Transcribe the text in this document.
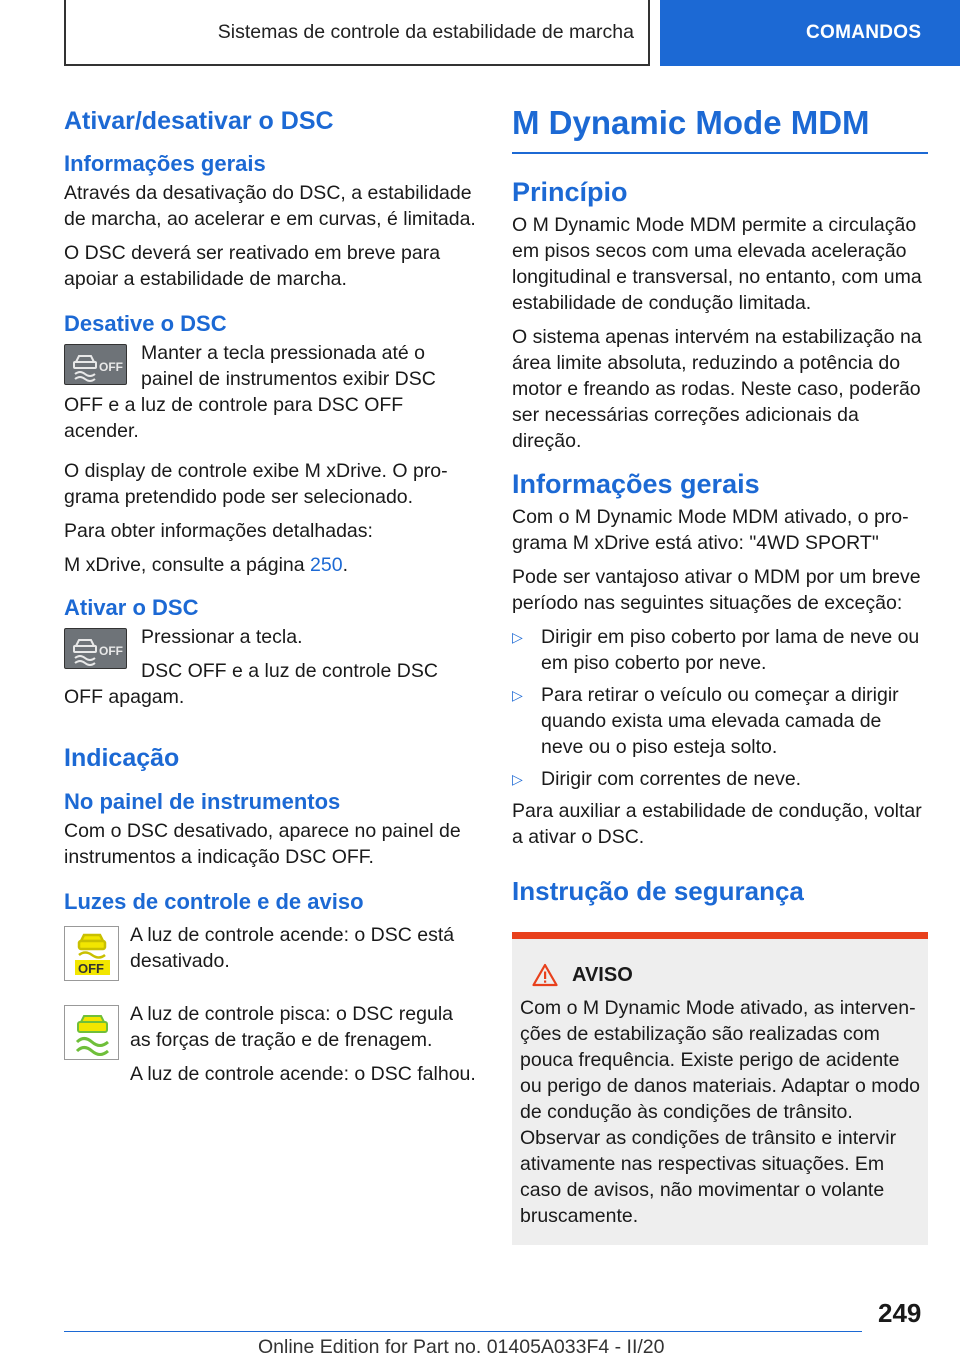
Sistemas de controle da estabilidade de marcha	COMANDOS
Ativar/desativar o DSC
Informações gerais

Através da desativação do DSC, a estabilidade de marcha, ao acelerar e em curvas, é limitada.

O DSC deverá ser reativado em breve para apoiar a estabilidade de marcha.

Desative o DSC
OFF

Manter a tecla pressionada até o painel de instrumentos exibir DSC OFF e a luz de controle para DSC OFF acender.

O display de controle exibe M xDrive. O programa pretendido pode ser selecionado.

Para obter informações detalhadas:

M xDrive, consulte a página 250.

Ativar o DSC
OFF

Pressionar a tecla.

DSC OFF e a luz de controle DSC OFF apagam.

Indicação
No painel de instrumentos

Com o DSC desativado, aparece no painel de instrumentos a indicação DSC OFF.

Luzes de controle e de aviso
OFF

A luz de controle acende: o DSC está desativado.

A luz de controle pisca: o DSC regula as forças de tração e de frenagem.

A luz de controle acende: o DSC falhou.

M Dynamic Mode MDM
Princípio

O M Dynamic Mode MDM permite a circulação em pisos secos com uma elevada aceleração longitudinal e transversal, no entanto, com uma estabilidade de condução limitada.

O sistema apenas intervém na estabilização na área limite absoluta, reduzindo a potência do motor e freando as rodas. Neste caso, poderão ser necessárias correções adicionais da direção.

Informações gerais

Com o M Dynamic Mode MDM ativado, o programa M xDrive está ativo: "4WD SPORT"

Pode ser vantajoso ativar o MDM por um breve período nas seguintes situações de exceção:

▷ Dirigir em piso coberto por lama de neve ou em piso coberto por neve.
▷ Para retirar o veículo ou começar a dirigir quando exista uma elevada camada de neve ou o piso esteja solto.
▷ Dirigir com correntes de neve.

Para auxiliar a estabilidade de condução, voltar a ativar o DSC.

Instrução de segurança
AVISO

Com o M Dynamic Mode ativado, as intervenções de estabilização são realizadas com pouca frequência. Existe perigo de acidente ou perigo de danos materiais. Adaptar o modo de condução às condições de trânsito. Observar as condições de trânsito e intervir ativamente nas respectivas situações. Em caso de avisos, não movimentar o volante bruscamente.

249
Online Edition for Part no. 01405A033F4 - II/20
